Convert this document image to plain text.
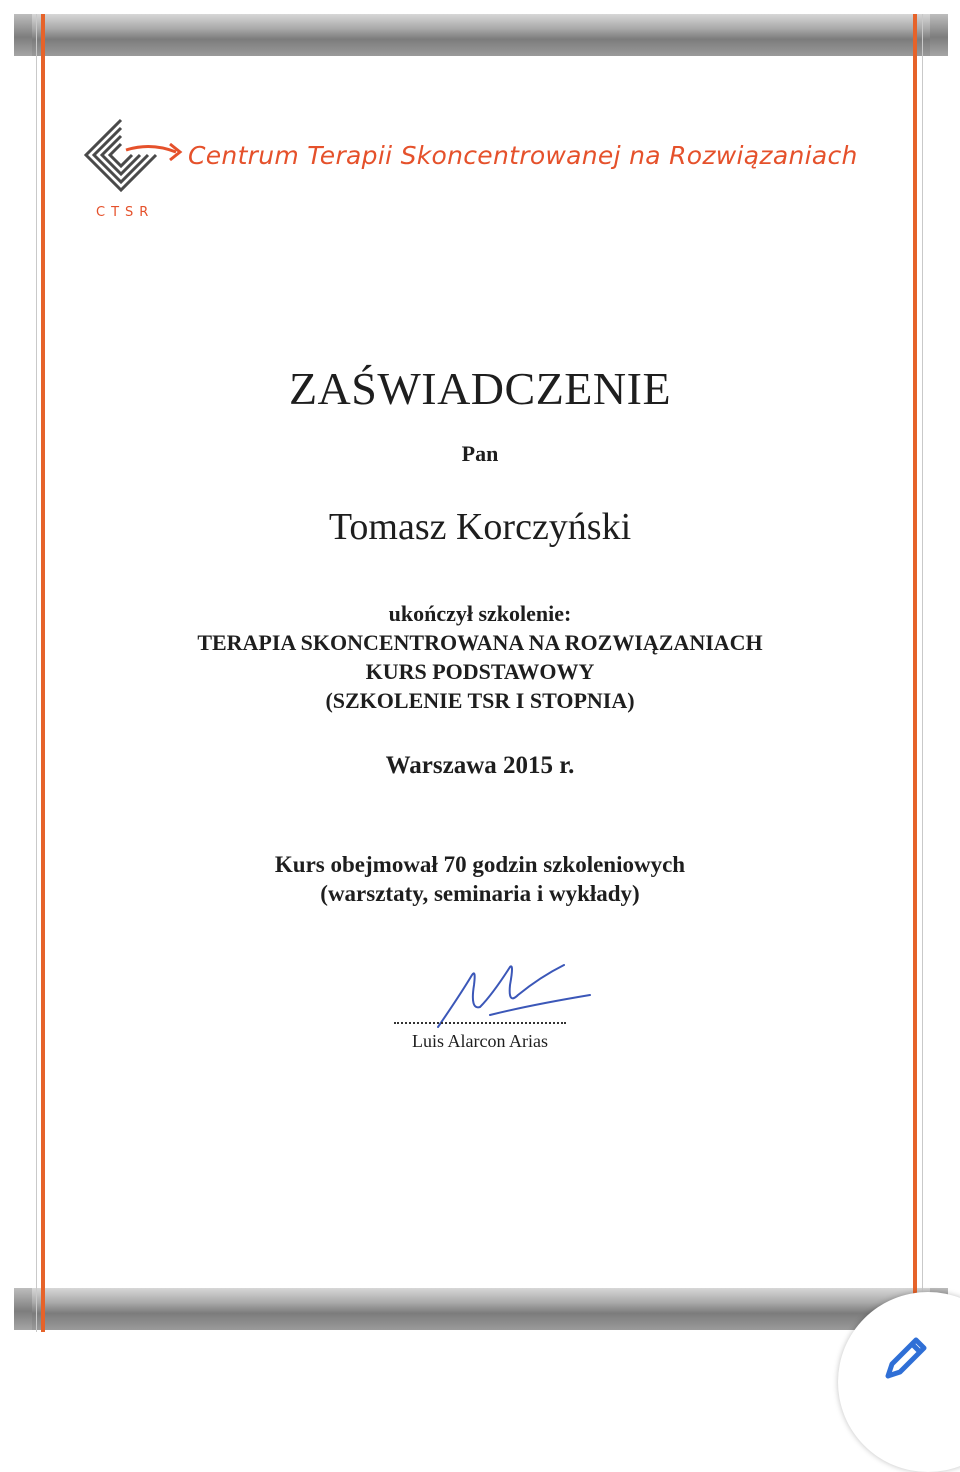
Centrum Terapii Skoncentrowanej na Rozwiązaniach
CTSR
ZAŚWIADCZENIE
Pan
Tomasz Korczyński
ukończył szkolenie:
TERAPIA SKONCENTROWANA NA ROZWIĄZANIACH
KURS PODSTAWOWY
(SZKOLENIE TSR I STOPNIA)
Warszawa 2015 r.
Kurs obejmował 70 godzin szkoleniowych
(warsztaty, seminaria i wykłady)
Luis Alarcon Arias
